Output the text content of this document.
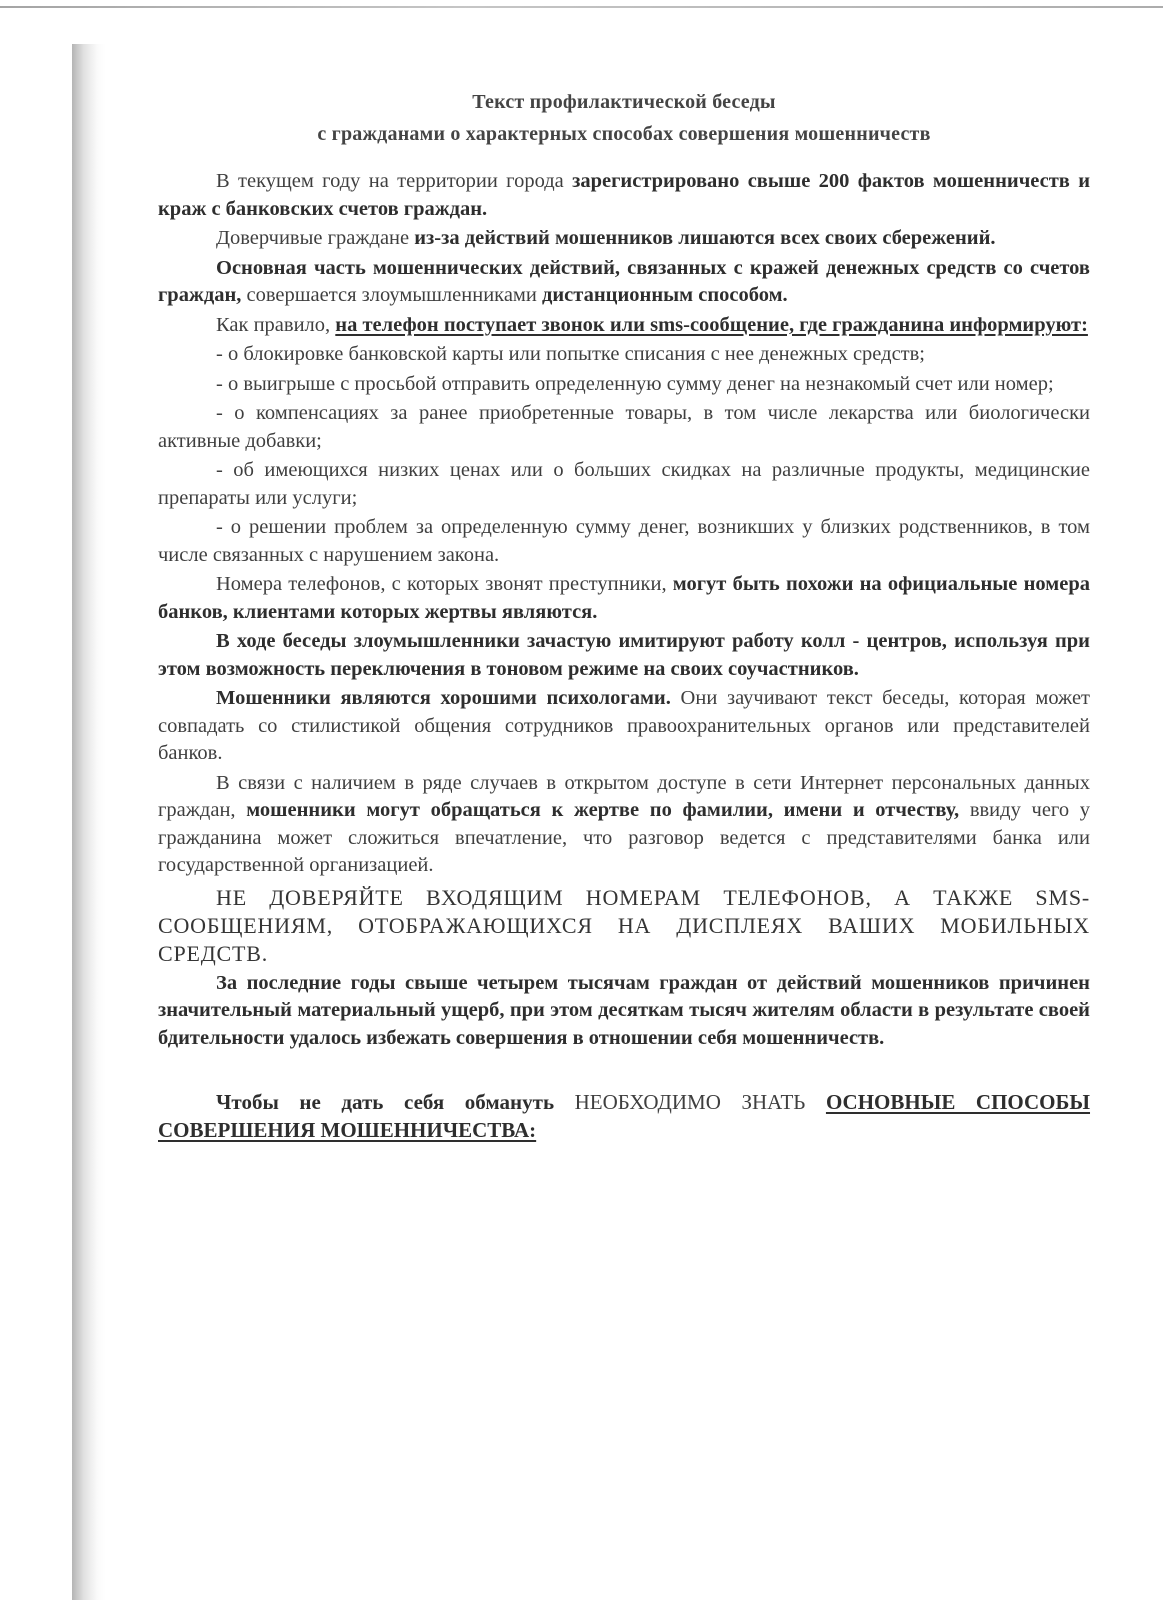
Текст профилактической беседы
с гражданами о характерных способах совершения мошенничеств

В текущем году на территории города зарегистрировано свыше 200 фактов мошенничеств и краж с банковских счетов граждан.

Доверчивые граждане из-за действий мошенников лишаются всех своих сбережений.

Основная часть мошеннических действий, связанных с кражей денежных средств со счетов граждан, совершается злоумышленниками дистанционным способом.

Как правило, на телефон поступает звонок или sms-сообщение, где гражданина информируют:

- о блокировке банковской карты или попытке списания с нее денежных средств;

- о выигрыше с просьбой отправить определенную сумму денег на незнакомый счет или номер;

- о компенсациях за ранее приобретенные товары, в том числе лекарства или биологически активные добавки;

- об имеющихся низких ценах или о больших скидках на различные продукты, медицинские препараты или услуги;

- о решении проблем за определенную сумму денег, возникших у близких родственников, в том числе связанных с нарушением закона.

Номера телефонов, с которых звонят преступники, могут быть похожи на официальные номера банков, клиентами которых жертвы являются.

В ходе беседы злоумышленники зачастую имитируют работу колл - центров, используя при этом возможность переключения в тоновом режиме на своих соучастников.

Мошенники являются хорошими психологами. Они заучивают текст беседы, которая может совпадать со стилистикой общения сотрудников правоохранительных органов или представителей банков.

В связи с наличием в ряде случаев в открытом доступе в сети Интернет персональных данных граждан, мошенники могут обращаться к жертве по фамилии, имени и отчеству, ввиду чего у гражданина может сложиться впечатление, что разговор ведется с представителями банка или государственной организацией.

НЕ ДОВЕРЯЙТЕ ВХОДЯЩИМ НОМЕРАМ ТЕЛЕФОНОВ, А ТАКЖЕ SMS-СООБЩЕНИЯМ, ОТОБРАЖАЮЩИХСЯ НА ДИСПЛЕЯХ ВАШИХ МОБИЛЬНЫХ СРЕДСТВ.

За последние годы свыше четырем тысячам граждан от действий мошенников причинен значительный материальный ущерб, при этом десяткам тысяч жителям области в результате своей бдительности удалось избежать совершения в отношении себя мошенничеств.

Чтобы не дать себя обмануть НЕОБХОДИМО ЗНАТЬ ОСНОВНЫЕ СПОСОБЫ СОВЕРШЕНИЯ МОШЕННИЧЕСТВА:
